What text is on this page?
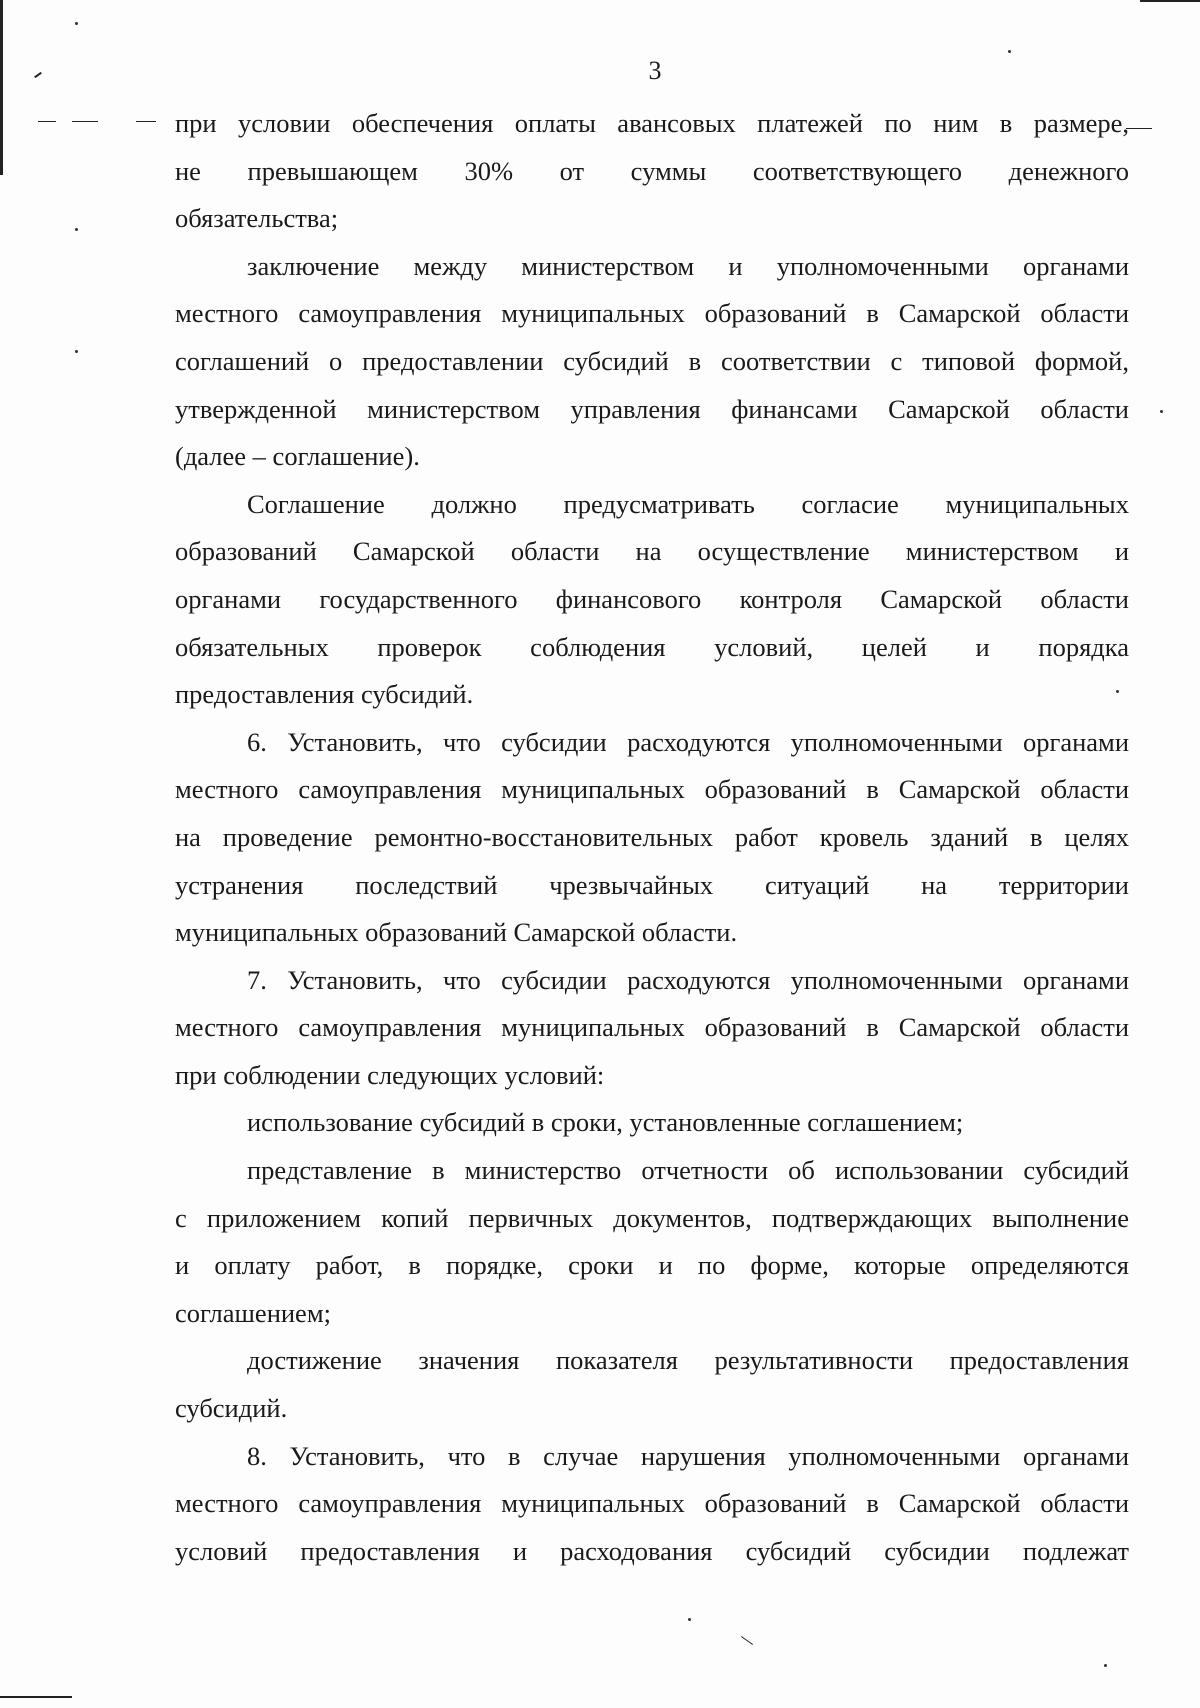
3
при условии обеспечения оплаты авансовых платежей по ним в размере,
не превышающем 30% от суммы соответствующего денежного
обязательства;
заключение между министерством и уполномоченными органами
местного самоуправления муниципальных образований в Самарской области
соглашений о предоставлении субсидий в соответствии с типовой формой,
утвержденной министерством управления финансами Самарской области
(далее – соглашение).
Соглашение должно предусматривать согласие муниципальных
образований Самарской области на осуществление министерством и
органами государственного финансового контроля Самарской области
обязательных проверок соблюдения условий, целей и порядка
предоставления субсидий.
6. Установить, что субсидии расходуются уполномоченными органами
местного самоуправления муниципальных образований в Самарской области
на проведение ремонтно-восстановительных работ кровель зданий в целях
устранения последствий чрезвычайных ситуаций на территории
муниципальных образований Самарской области.
7. Установить, что субсидии расходуются уполномоченными органами
местного самоуправления муниципальных образований в Самарской области
при соблюдении следующих условий:
использование субсидий в сроки, установленные соглашением;
представление в министерство отчетности об использовании субсидий
с приложением копий первичных документов, подтверждающих выполнение
и оплату работ, в порядке, сроки и по форме, которые определяются
соглашением;
достижение значения показателя результативности предоставления
субсидий.
8. Установить, что в случае нарушения уполномоченными органами
местного самоуправления муниципальных образований в Самарской области
условий предоставления и расходования субсидий субсидии подлежат
